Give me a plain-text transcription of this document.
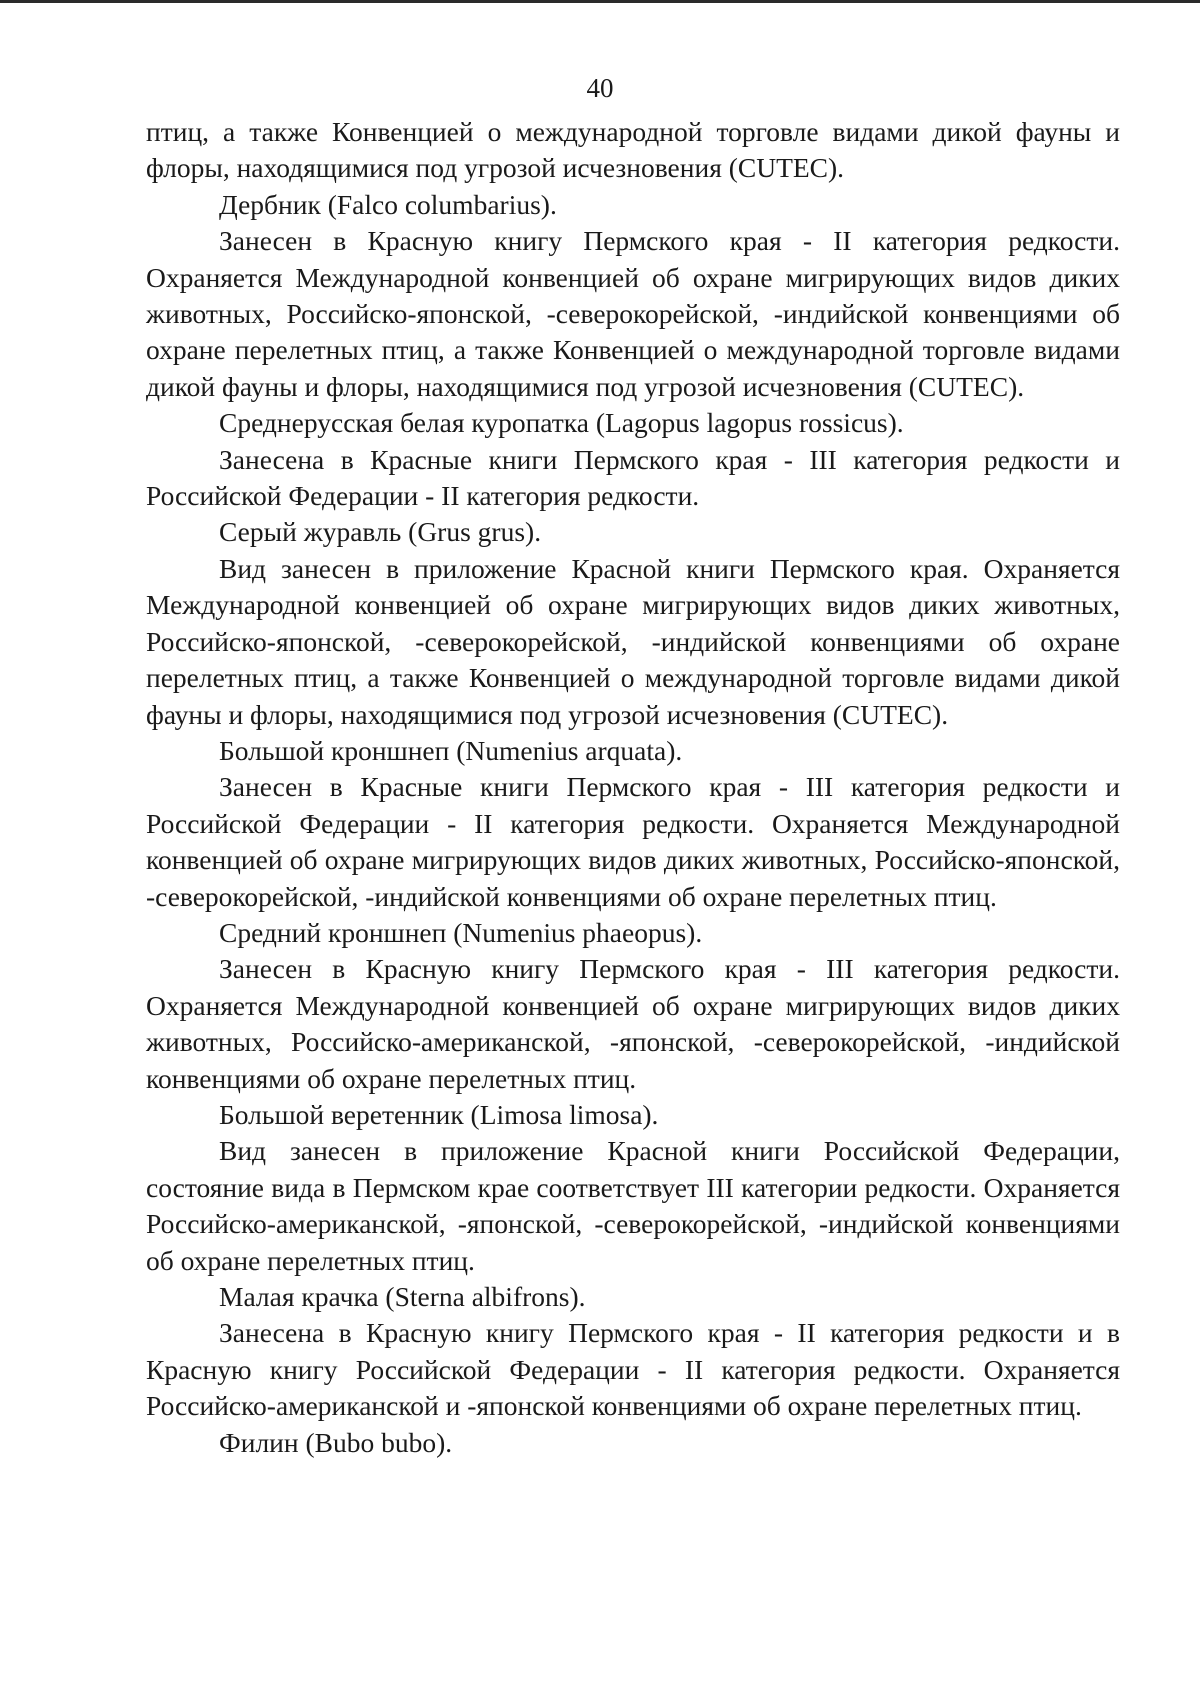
40

птиц, а также Конвенцией о международной торговле видами дикой фауны и флоры, находящимися под угрозой исчезновения (CUTEC).

Дербник (Falco columbarius).

Занесен в Красную книгу Пермского края - II категория редкости. Охраняется Международной конвенцией об охране мигрирующих видов диких животных, Российско-японской, -северокорейской, -индийской конвенциями об охране перелетных птиц, а также Конвенцией о международной торговле видами дикой фауны и флоры, находящимися под угрозой исчезновения (CUTEC).

Среднерусская белая куропатка (Lagopus lagopus rossicus).

Занесена в Красные книги Пермского края - III категория редкости и Российской Федерации - II категория редкости.

Серый журавль (Grus grus).

Вид занесен в приложение Красной книги Пермского края. Охраняется Международной конвенцией об охране мигрирующих видов диких животных, Российско-японской, -северокорейской, -индийской конвенциями об охране перелетных птиц, а также Конвенцией о международной торговле видами дикой фауны и флоры, находящимися под угрозой исчезновения (CUTEC).

Большой кроншнеп (Numenius arquata).

Занесен в Красные книги Пермского края - III категория редкости и Российской Федерации - II категория редкости. Охраняется Международной конвенцией об охране мигрирующих видов диких животных, Российско-японской, -северокорейской, -индийской конвенциями об охране перелетных птиц.

Средний кроншнеп (Numenius phaeopus).

Занесен в Красную книгу Пермского края - III категория редкости. Охраняется Международной конвенцией об охране мигрирующих видов диких животных, Российско-американской, -японской, -северокорейской, -индийской конвенциями об охране перелетных птиц.

Большой веретенник (Limosa limosa).

Вид занесен в приложение Красной книги Российской Федерации, состояние вида в Пермском крае соответствует III категории редкости. Охраняется Российско-американской, -японской, -северокорейской, -индийской конвенциями об охране перелетных птиц.

Малая крачка (Sterna albifrons).

Занесена в Красную книгу Пермского края - II категория редкости и в Красную книгу Российской Федерации - II категория редкости. Охраняется Российско-американской и -японской конвенциями об охране перелетных птиц.

Филин (Bubo bubo).
